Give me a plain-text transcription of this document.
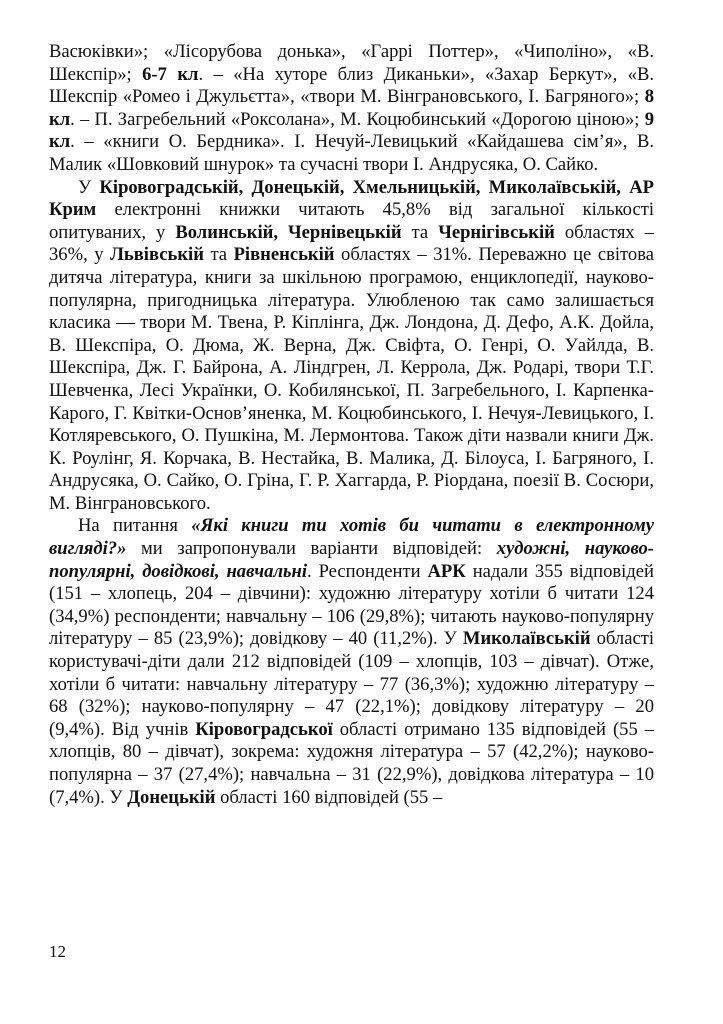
Васюківки»; «Лісорубова донька», «Гаррі Поттер», «Чиполіно», «В. Шекспір»; 6-7 кл. – «На хуторе близ Диканьки», «Захар Беркут», «В. Шекспір «Ромео і Джульєтта», «твори М. Вінграновського, І. Багряного»; 8 кл. – П. Загребельний «Роксолана», М. Коцюбинський «Дорогою ціною»; 9 кл. – «книги О. Бердника». І. Нечуй-Левицький «Кайдашева сім’я», В. Малик «Шовковий шнурок» та сучасні твори І. Андрусяка, О. Сайко.

У Кіровоградській, Донецькій, Хмельницькій, Миколаївській, АР Крим електронні книжки читають 45,8% від загальної кількості опитуваних, у Волинській, Чернівецькій та Чернігівській областях – 36%, у Львівській та Рівненській областях – 31%. Переважно це світова дитяча література, книги за шкільною програмою, енциклопедії, науково-популярна, пригодницька література. Улюбленою так само залишається класика — твори М. Твена, Р. Кіплінга, Дж. Лондона, Д. Дефо, А.К. Дойла, В. Шекспіра, О. Дюма, Ж. Верна, Дж. Свіфта, О. Генрі, О. Уайлда, В. Шекспіра, Дж. Г. Байрона, А. Ліндгрен, Л. Керрола, Дж. Родарі, твори Т.Г. Шевченка, Лесі Українки, О. Кобилянської, П. Загребельного, І. Карпенка-Карого, Г. Квітки-Основ’яненка, М. Коцюбинського, І. Нечуя-Левицького, І. Котляревського, О. Пушкіна, М. Лермонтова. Також діти назвали книги Дж. К. Роулінг, Я. Корчака, В. Нестайка, В. Малика, Д. Білоуса, І. Багряного, І. Андрусяка, О. Сайко, О. Гріна, Г. Р. Хаггарда, Р. Ріордана, поезії В. Сосюри, М. Вінграновського.

На питання «Які книги ти хотів би читати в електронному вигляді?» ми запропонували варіанти відповідей: художні, науково-популярні, довідкові, навчальні. Респонденти АРК надали 355 відповідей (151 – хлопець, 204 – дівчини): художню літературу хотіли б читати 124 (34,9%) респонденти; навчальну – 106 (29,8%); читають науково-популярну літературу – 85 (23,9%); довідкову – 40 (11,2%). У Миколаївській області користувачі-діти дали 212 відповідей (109 – хлопців, 103 – дівчат). Отже, хотіли б читати: навчальну літературу – 77 (36,3%); художню літературу – 68 (32%); науково-популярну – 47 (22,1%); довідкову літературу – 20 (9,4%). Від учнів Кіровоградської області отримано 135 відповідей (55 – хлопців, 80 – дівчат), зокрема: художня література – 57 (42,2%); науково-популярна – 37 (27,4%); навчальна – 31 (22,9%), довідкова література – 10 (7,4%). У Донецькій області 160 відповідей (55 –

12
